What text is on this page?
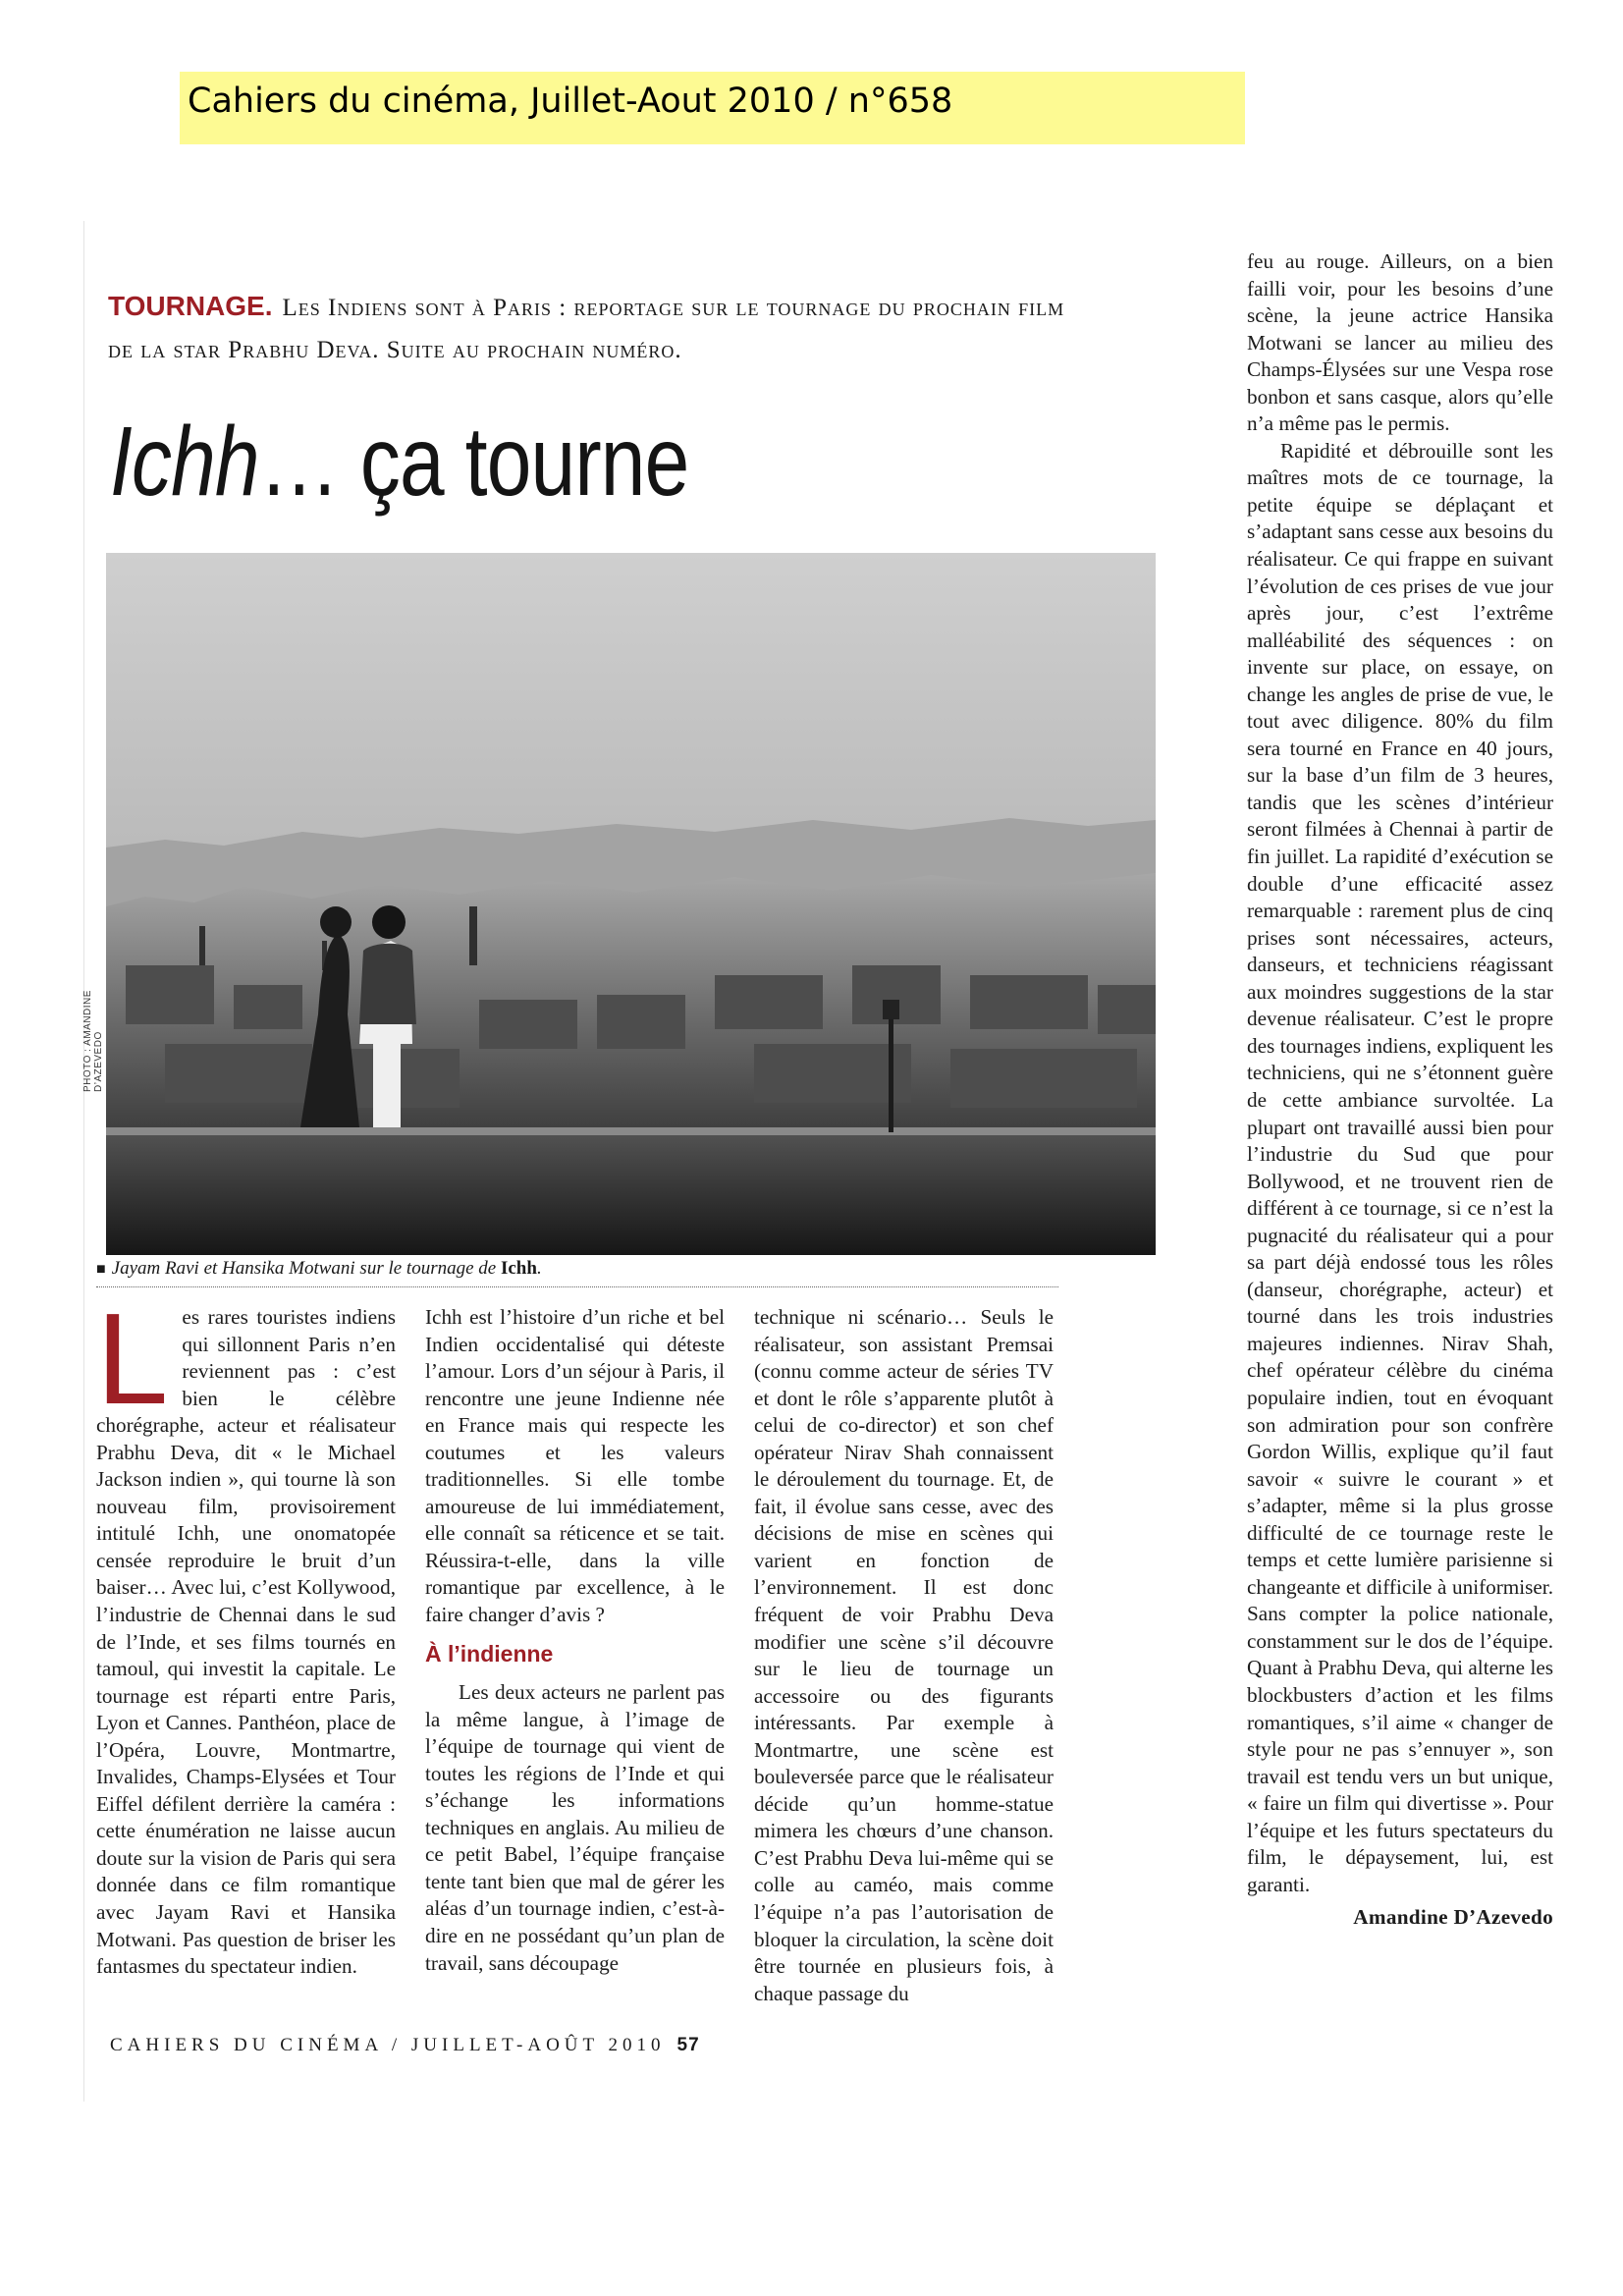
Cahiers du cinéma, Juillet-Aout 2010 / n°658
TOURNAGE. Les Indiens sont à Paris : reportage sur le tournage du prochain film de la star Prabhu Deva. Suite au prochain numéro.
Ichh… ça tourne
PHOTO : AMANDINE D’AZEVEDO
■ Jayam Ravi et Hansika Motwani sur le tournage de Ichh.
L es rares touristes indiens qui sillonnent Paris n’en reviennent pas : c’est bien le célèbre chorégraphe, acteur et réalisateur Prabhu Deva, dit « le Michael Jackson indien », qui tourne là son nouveau film, provisoirement intitulé Ichh, une onomatopée censée reproduire le bruit d’un baiser… Avec lui, c’est Kollywood, l’industrie de Chennai dans le sud de l’Inde, et ses films tournés en tamoul, qui investit la capitale. Le tournage est réparti entre Paris, Lyon et Cannes. Panthéon, place de l’Opéra, Louvre, Montmartre, Invalides, Champs-Elysées et Tour Eiffel défilent derrière la caméra : cette énumération ne laisse aucun doute sur la vision de Paris qui sera donnée dans ce film romantique avec Jayam Ravi et Hansika Motwani. Pas question de briser les fantasmes du spectateur indien.

Ichh est l’histoire d’un riche et bel Indien occidentalisé qui déteste l’amour. Lors d’un séjour à Paris, il rencontre une jeune Indienne née en France mais qui respecte les coutumes et les valeurs traditionnelles. Si elle tombe amoureuse de lui immédiatement, elle connaît sa réticence et se tait. Réussira-t-elle, dans la ville romantique par excellence, à le faire changer d’avis ?

À l’indienne

Les deux acteurs ne parlent pas la même langue, à l’image de l’équipe de tournage qui vient de toutes les régions de l’Inde et qui s’échange les informations techniques en anglais. Au milieu de ce petit Babel, l’équipe française tente tant bien que mal de gérer les aléas d’un tournage indien, c’est-à-dire en ne possédant qu’un plan de travail, sans découpage

technique ni scénario… Seuls le réalisateur, son assistant Premsai (connu comme acteur de séries TV et dont le rôle s’apparente plutôt à celui de co-director) et son chef opérateur Nirav Shah connaissent le déroulement du tournage. Et, de fait, il évolue sans cesse, avec des décisions de mise en scènes qui varient en fonction de l’environnement. Il est donc fréquent de voir Prabhu Deva modifier une scène s’il découvre sur le lieu de tournage un accessoire ou des figurants intéressants. Par exemple à Montmartre, une scène est bouleversée parce que le réalisateur décide qu’un homme-statue mimera les chœurs d’une chanson. C’est Prabhu Deva lui-même qui se colle au caméo, mais comme l’équipe n’a pas l’autorisation de bloquer la circulation, la scène doit être tournée en plusieurs fois, à chaque passage du

feu au rouge. Ailleurs, on a bien failli voir, pour les besoins d’une scène, la jeune actrice Hansika Motwani se lancer au milieu des Champs-Élysées sur une Vespa rose bonbon et sans casque, alors qu’elle n’a même pas le permis.

Rapidité et débrouille sont les maîtres mots de ce tournage, la petite équipe se déplaçant et s’adaptant sans cesse aux besoins du réalisateur. Ce qui frappe en suivant l’évolution de ces prises de vue jour après jour, c’est l’extrême malléabilité des séquences : on invente sur place, on essaye, on change les angles de prise de vue, le tout avec diligence. 80% du film sera tourné en France en 40 jours, sur la base d’un film de 3 heures, tandis que les scènes d’intérieur seront filmées à Chennai à partir de fin juillet. La rapidité d’exécution se double d’une efficacité assez remarquable : rarement plus de cinq prises sont nécessaires, acteurs, danseurs, et techniciens réagissant aux moindres suggestions de la star devenue réalisateur. C’est le propre des tournages indiens, expliquent les techniciens, qui ne s’étonnent guère de cette ambiance survoltée. La plupart ont travaillé aussi bien pour l’industrie du Sud que pour Bollywood, et ne trouvent rien de différent à ce tournage, si ce n’est la pugnacité du réalisateur qui a pour sa part déjà endossé tous les rôles (danseur, chorégraphe, acteur) et tourné dans les trois industries majeures indiennes. Nirav Shah, chef opérateur célèbre du cinéma populaire indien, tout en évoquant son admiration pour son confrère Gordon Willis, explique qu’il faut savoir « suivre le courant » et s’adapter, même si la plus grosse difficulté de ce tournage reste le temps et cette lumière parisienne si changeante et difficile à uniformiser. Sans compter la police nationale, constamment sur le dos de l’équipe. Quant à Prabhu Deva, qui alterne les blockbusters d’action et les films romantiques, s’il aime « changer de style pour ne pas s’ennuyer », son travail est tendu vers un but unique, « faire un film qui divertisse ». Pour l’équipe et les futurs spectateurs du film, le dépaysement, lui, est garanti.

Amandine D’Azevedo
CAHIERS DU CINÉMA / JUILLET-AOÛT 2010 57
